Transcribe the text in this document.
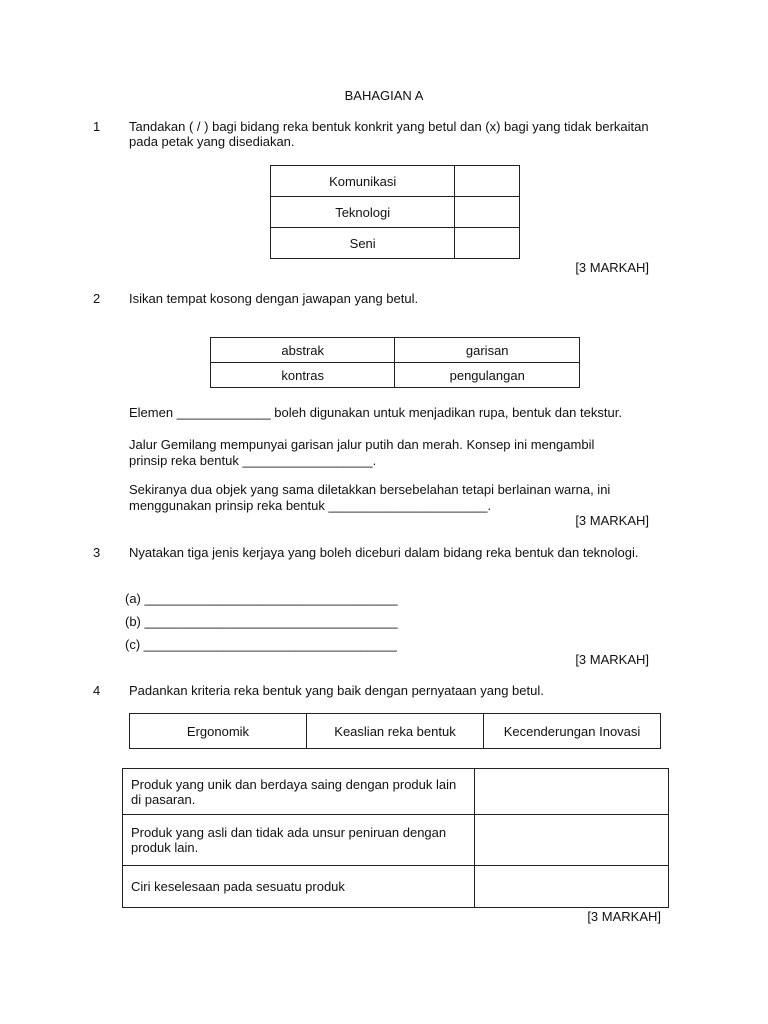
BAHAGIAN A
1 Tandakan ( / ) bagi bidang reka bentuk konkrit yang betul dan (x) bagi yang tidak berkaitan pada petak yang disediakan.
Komunikasi	
Teknologi	
Seni	
[3 MARKAH]
2 Isikan tempat kosong dengan jawapan yang betul.
abstrak	garisan
kontras	pengulangan
Elemen _____________ boleh digunakan untuk menjadikan rupa, bentuk dan tekstur.
Jalur Gemilang mempunyai garisan jalur putih dan merah. Konsep ini mengambil
prinsip reka bentuk __________________.
Sekiranya dua objek yang sama diletakkan bersebelahan tetapi berlainan warna, ini
menggunakan prinsip reka bentuk ______________________.
[3 MARKAH]
3 Nyatakan tiga jenis kerjaya yang boleh diceburi dalam bidang reka bentuk dan teknologi.
(a) ___________________________________
(b) ___________________________________
(c) ___________________________________
[3 MARKAH]
4 Padankan kriteria reka bentuk yang baik dengan pernyataan yang betul.
Ergonomik	Keaslian reka bentuk	Kecenderungan Inovasi
Produk yang unik dan berdaya saing dengan produk lain di pasaran.	
Produk yang asli dan tidak ada unsur peniruan dengan produk lain.	
Ciri keselesaan pada sesuatu produk	
[3 MARKAH]
